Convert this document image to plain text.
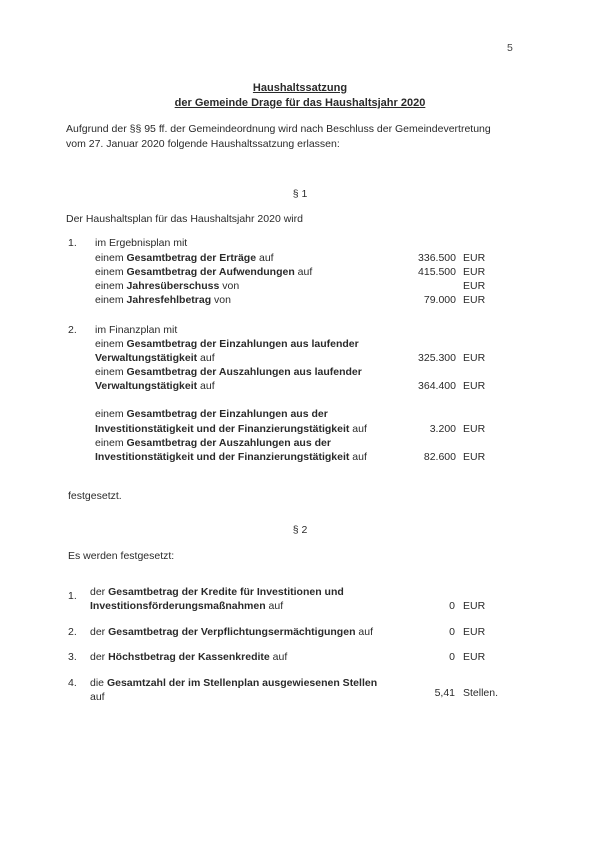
5
Haushaltssatzung
der Gemeinde Drage für das Haushaltsjahr 2020
Aufgrund der §§ 95 ff. der Gemeindeordnung wird nach Beschluss der Gemeindevertretung
vom 27. Januar 2020 folgende Haushaltssatzung erlassen:
§ 1
Der Haushaltsplan für das Haushaltsjahr 2020 wird
1. im Ergebnisplan mit
einem Gesamtbetrag der Erträge auf	336.500 EUR
einem Gesamtbetrag der Aufwendungen auf	415.500 EUR
einem Jahresüberschuss von	EUR
einem Jahresfehlbetrag von	79.000 EUR
2. im Finanzplan mit
einem Gesamtbetrag der Einzahlungen aus laufender
Verwaltungstätigkeit auf	325.300 EUR
einem Gesamtbetrag der Auszahlungen aus laufender
Verwaltungstätigkeit auf	364.400 EUR
einem Gesamtbetrag der Einzahlungen aus der
Investitionstätigkeit und der Finanzierungstätigkeit auf	3.200 EUR
einem Gesamtbetrag der Auszahlungen aus der
Investitionstätigkeit und der Finanzierungstätigkeit auf	82.600 EUR
festgesetzt.
§ 2
Es werden festgesetzt:
1. der Gesamtbetrag der Kredite für Investitionen und
Investitionsförderungsmaßnahmen auf	0 EUR
2. der Gesamtbetrag der Verpflichtungsermächtigungen auf	0 EUR
3. der Höchstbetrag der Kassenkredite auf	0 EUR
4. die Gesamtzahl der im Stellenplan ausgewiesenen Stellen
auf	5,41 Stellen.
